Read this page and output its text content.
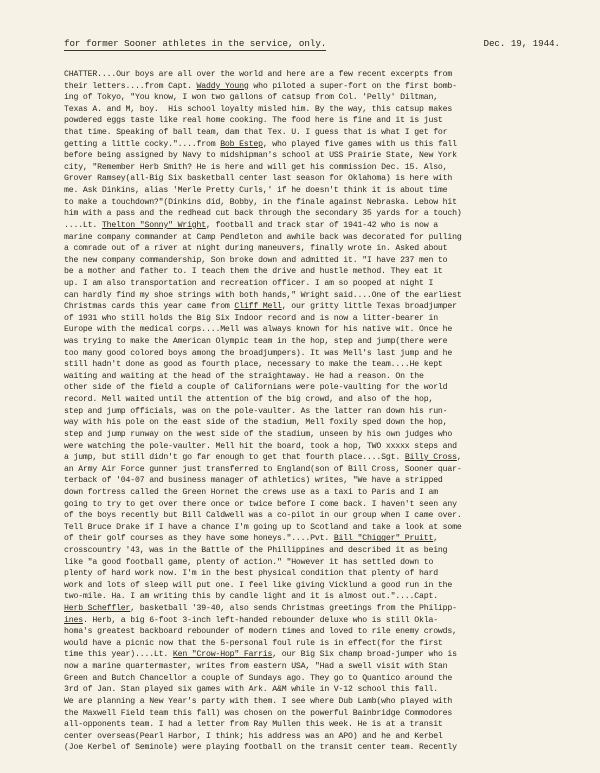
for former Sooner athletes in the service, only.	Dec. 19, 1944.
CHATTER....Our boys are all over the world and here are a few recent excerpts from
their letters....from Capt. Waddy Young who piloted a super-fort on the first bomb-
ing of Tokyo, "You know, I won two gallons of catsup from Col. 'Pelly' Diltman,
Texas A. and M, boy.  His school loyalty misled him. By the way, this catsup makes
powdered eggs taste like real home cooking. The food here is fine and it is just
that time. Speaking of ball team, dam that Tex. U. I guess that is what I get for
getting a little cocky."....from Bob Estep, who played five games with us this fall
before being assigned by Navy to midshipman's school at USS Prairie State, New York
city, "Remember Herb Smith? He is here and will get his commission Dec. 15. Also,
Grover Ramsey(all-Big Six basketball center last season for Oklahoma) is here with
me. Ask Dinkins, alias 'Merle Pretty Curls,' if he doesn't think it is about time
to make a touchdown?"(Dinkins did, Bobby, in the finale against Nebraska. Lebow hit
him with a pass and the redhead cut back through the secondary 35 yards for a touch)
....Lt. Thelton "Sonny" Wright, football and track star of 1941-42 who is now a
marine company commander at Camp Pendleton and awhile back was decorated for pulling
a comrade out of a river at night during maneuvers, finally wrote in. Asked about
the new company commandership, Son broke down and admitted it. "I have 237 men to
be a mother and father to. I teach them the drive and hustle method. They eat it
up. I am also transportation and recreation officer. I am so pooped at night I
can hardly find my shoe strings with both hands," Wright said....One of the earliest
Christmas cards this year came from Cliff Mell, our gritty little Texas broadjumper
of 1931 who still holds the Big Six Indoor record and is now a litter-bearer in
Europe with the medical corps....Mell was always known for his native wit. Once he
was trying to make the American Olympic team in the hop, step and jump(there were
too many good colored boys among the broadjumpers). It was Mell's last jump and he
still hadn't done as good as fourth place, necessary to make the team....He kept
waiting and waiting at the head of the straightaway. He had a reason. On the
other side of the field a couple of Californians were pole-vaulting for the world
record. Mell waited until the attention of the big crowd, and also of the hop,
step and jump officials, was on the pole-vaulter. As the latter ran down his run-
way with his pole on the east side of the stadium, Mell foxily sped down the hop,
step and jump runway on the west side of the stadium, unseen by his own judges who
were watching the pole-vaulter. Mell hit the board, took a hop, TWO xxxxx steps and
a jump, but still didn't go far enough to get that fourth place....Sgt. Billy Cross,
an Army Air Force gunner just transferred to England(son of Bill Cross, Sooner quar-
terback of '04-07 and business manager of athletics) writes, "We have a stripped
down fortress called the Green Hornet the crews use as a taxi to Paris and I am
going to try to get over there once or twice before I come back. I haven't seen any
of the boys recently but Bill Caldwell was a co-pilot in our group when I came over.
Tell Bruce Drake if I have a chance I'm going up to Scotland and take a look at some
of their golf courses as they have some honeys."....Pvt. Bill "Chigger" Pruitt,
crosscountry '43, was in the Battle of the Phillippines and described it as being
like "a good football game, plenty of action." "However it has settled down to
plenty of hard work now. I'm in the best physical condition that plenty of hard
work and lots of sleep will put one. I feel like giving Vicklund a good run in the
two-mile. Ha. I am writing this by candle light and it is almost out."....Capt.
Herb Scheffler, basketball '39-40, also sends Christmas greetings from the Philipp-
ines. Herb, a big 6-foot 3-inch left-handed rebounder deluxe who is still Okla-
homa's greatest backboard rebounder of modern times and loved to rile enemy crowds,
would have a picnic now that the 5-personal foul rule is in effect(for the first
time this year)....Lt. Ken "Crow-Hop" Farris, our Big Six champ broad-jumper who is
now a marine quartermaster, writes from eastern USA, "Had a swell visit with Stan
Green and Butch Chancellor a couple of Sundays ago. They go to Quantico around the
3rd of Jan. Stan played six games with Ark. A&M while in V-12 school this fall.
We are planning a New Year's party with them. I see where Dub Lamb(who played with
the Maxwell Field team this fall) was chosen on the powerful Bainbridge Commodores
all-opponents team. I had a letter from Ray Mullen this week. He is at a transit
center overseas(Pearl Harbor, I think; his address was an APO) and he and Kerbel
(Joe Kerbel of Seminole) were playing football on the transit center team. Recently
